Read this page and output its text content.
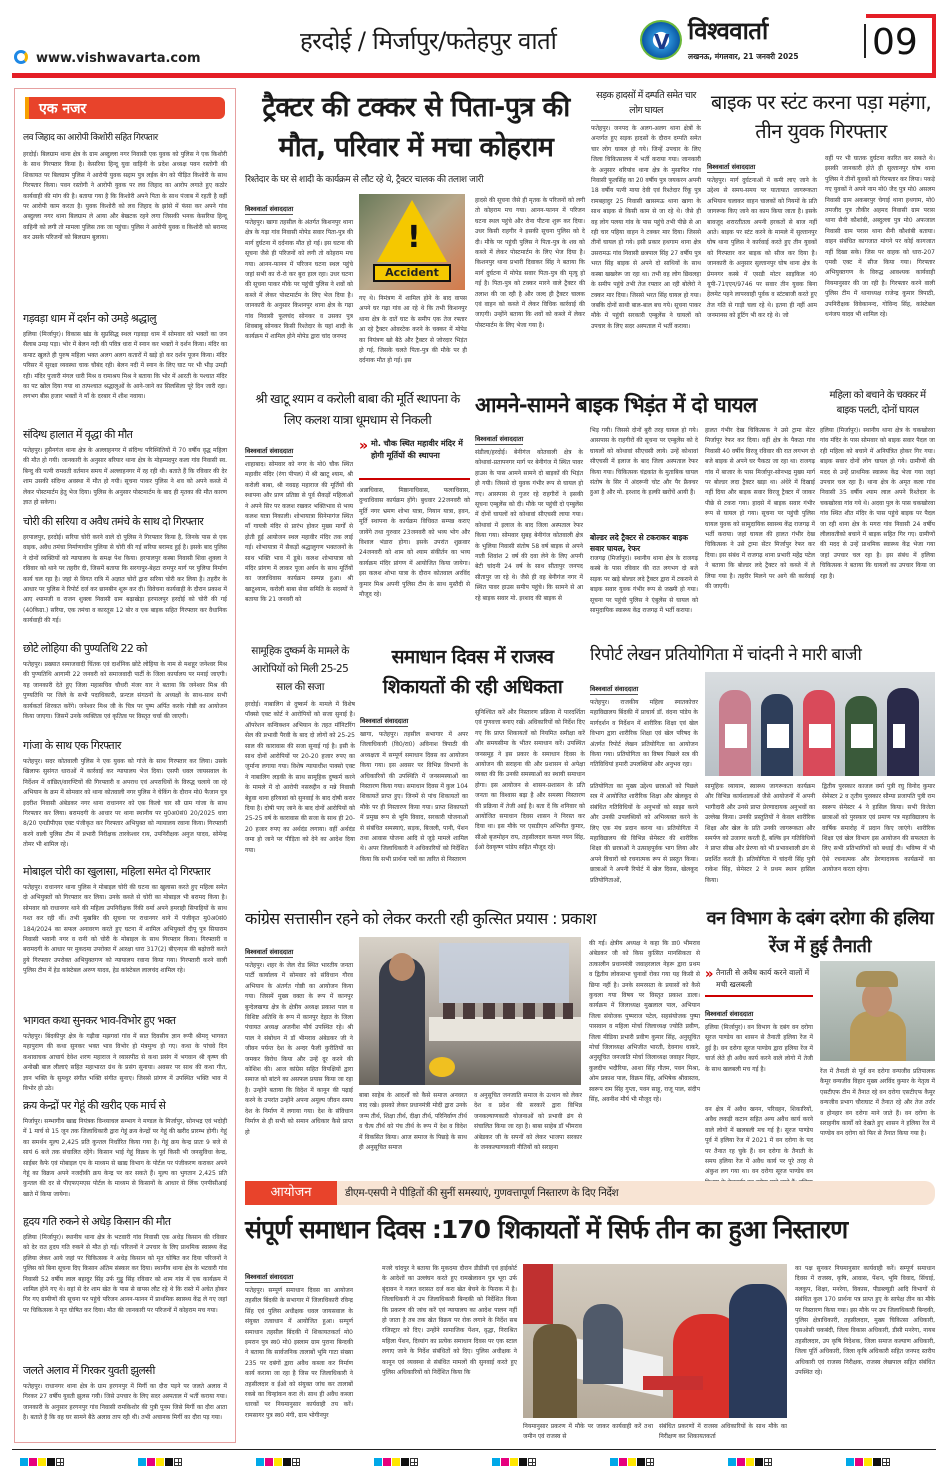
www.vishwavarta.com
हरदोई / मिर्जापुर/फतेहपुर वार्ता	V विश्ववार्ता
लखनऊ, मंगलवार, 21 जनवरी 2025	09
एक नजर
लव जिहाद का आरोपी किशोरी सहित गिरफ्तार
हरदोई। बिलग्राम थाना क्षेत्र के ग्राम अब्दुल्ला नगर निवासी एक युवक को पुलिस ने एक किशोरी के साथ गिरफ्तार किया है। केसरिया हिन्दू युवा वाहिनी के प्रदेश अध्यक्ष पवन रस्तोगी की शिकायत पर बिलग्राम पुलिस ने आरोपी युवक सद्दाम पुत्र लईक बेग को पीड़ित किशोरी के साथ गिरफ्तार किया। पवन रस्तोगी ने आरोपी युवक पर लव जिहाद का आरोप लगाते हुए कठोर कार्यवाही की मांग की है। बताया गया है कि किशोरी अपने पिता के साथ पंजाब में रहती है वहीं पर आरोपी काम करता है। युवक किशोरी को लव जिहाद के झांसे में फंसा कर अपने गांव अब्दुल्ला नगर थाना बिलग्राम ले आया और बेखटक रहने लगा जिसकी भनक केसरिया हिन्दू वाहिनी को लगी तो मामला पुलिस तक जा पहुंचा। पुलिस ने आरोपी युवक व किशोरी को बरामद कर उसके परिजनों को बिलग्राम बुलाया।
गड़वड़ा धाम में दर्शन को उमड़े श्रद्धालु
हलिया (मिर्जापुर)। विकास खंड के सुप्रसिद्ध स्थल गड़वड़ा धाम में सोमवार को भक्तों का जन सैलाब उमड़ पड़ा। भोर में बेलन नदी की पवित्र धारा में स्नान कर भक्तों ने दर्शन किया। मंदिर का कपाट खुलते ही पुरुष महिला भक्त अलग अलग कतारों में खड़े हो कर दर्शन पूजन किया। मंदिर परिसर में सुरक्षा व्यवस्था चाक चौबंद रही। बेलन नदी में स्नान के लिए घाट पर भी भीड़ उमड़ी रही। मंदिर पुजारी मंगल धारी मिश्र व रामाश्रय मिश्र ने बताया कि भोर में आरती के पश्चात मंदिर का पट खोल दिया गया था तत्पश्चात श्रद्धालुओं के आने-जाने का सिलसिला पूरे दिन जारी रहा। लगभग बीस हजार भक्तों ने माँ के दरबार में शीश नवाया।
संदिग्ध हालात में वृद्धा की मौत
फतेहपुर। हुसैनगंज थाना क्षेत्र के अल्लाहनगर में संदिग्ध परिस्थितियों में 70 वर्षीय वृद्ध महिला की मौत हो गयी। जानकारी के अनुसार बरियार थाना क्षेत्र के मोहम्मदपुर कला गांव निवासी स्व. बिन्दु की पत्नी रामवती वर्तमान समय में अल्लाहनगर में रह रही थी। बताते हैं कि रविवार की देर शाम उसकी संदिग्ध अवस्था में मौत हो गयी। सूचना पाकर पुलिस ने शव को अपने कब्जे में लेकर पोस्टमार्टम हेतु भेज दिया। पुलिस के अनुसार पोस्टमार्टम के बाद ही मृतका की मौत कारण ज्ञात हो सकेगा।
चोरी की सरिया व अवैध तमंचे के साथ दो गिरफ्तार
हरपालपुर, हरदोई। सरिया चोरी करने वाले दो पुलिस ने गिरफ्तार किया है, जिनके पास से एक वाइक, अवैध तमंचा निर्माणाधीन पुलिया से चोरी की गई सरिया बरामद हुई है। इसके बाद पुलिस ने दोनों व्यक्तियों को न्यायालय के समक्ष पेश किया। हरपालपुर कस्बा निवासी शिवा शुक्ला ने रविवार को थाने पर तहरीर दी, जिसमें बताया कि सरगापुर-बेहटा रामपुर मार्ग पर पुलिया निर्माण कार्य चल रहा है। जहां से विगत रात्रि में अज्ञात चोरों द्वारा सरिया चोरी कर लिया है। तहरीर के आधार पर पुलिस ने रिपोर्ट दर्ज कर छानबीन शुरू कर दी। विवेचना कार्यवाही के दौरान प्रकाश में आए श्यामजी व राजन शुक्ला निवासी ग्राम बढ़ाखेड़ा हरपालपुर हरदोई को चोरी की गई (40किग्रा.) सरिया, एक तमंचा व कारतूस 12 बोर व एक बाइक सहित गिरफ्तार कर वैधानिक कार्यवाही की गई।
छोटे लोहिया की पुण्यतिथि 22 को
फतेहपुर। प्रख्यात समाजवादी चिंतक एवं दार्शनिक छोटे लोहिया के नाम से मशहूर जनेश्वर मिश्र की पुण्यतिथि आगामी 22 जनवरी को समाजवादी पार्टी के जिला कार्यालय पर मनाई जाएगी। यह जानकारी देते हुए जिला महासचिव चौधरी मंजर यार ने बताया कि जनेश्वर मिश्र की पुण्यतिथि पर जिले के सभी पदाधिकारी, फ्रन्टल संगठनों के अध्यक्षों के साथ-साथ सभी कार्यकर्ता शिरकत करेंगे। जनेश्वर मिश्र जी के चित्र पर पुष्प अर्पित करके गोष्ठी का आयोजन किया जाएगा। जिसमें उनके व्यक्तित्व एवं कृतित्व पर विस्तृत चर्चा की जाएगी।
गांजा के साथ एक गिरफ्तार
फतेहपुर। सदर कोतवाली पुलिस ने एक युवक को गांजे के साथ गिरफ्तार कर लिया। उसके खिलाफ सुसंगत धाराओं में कार्रवाई कर न्यायालय भेज दिया। एसपी धवल जायसवाल के निर्देशन में वांछित/वारण्टियों की गिरफ्तारी व अपराध एवं अपराधियों के विरुद्ध चलाये जा रहे अभियान के क्रम में सोमवार को थाना कोतवाली नगर पुलिस ने चेकिंग के दौरान मो0 फैजान पुत्र इदरीश निवासी अंबेडकर नगर थाना राधानगर को एक किलो चार सौ ग्राम गांजा के साथ गिरफ्तार कर लिया। बरामदगी के आधार पर थाना स्थानीय पर मु0अ0सं0 20/2025 धारा 8/20 एनडीपीएस एक्ट पंजीकृत कर गिरफ्तार अभियुक्त को न्यायालय रवाना किया। गिरफ्तारी करने वाली पुलिस टीम में प्रभारी निरीक्षक तारकेश्वर राय, उपनिरीक्षक अनुज यादव, सोमेन्द्र तोमर भी शामिल रहे।
मोबाइल चोरी का खुलासा, महिला समेत दो गिरफ्तार
फतेहपुर। राधानगर थाना पुलिस ने मोबाइल चोरी की घटना का खुलासा करते हुए महिला समेत दो अभियुक्तों को गिरफ्तार कर लिया। उनके कब्जे से चोरी का मोबाइल भी बरामद किया है। सोमवार को राधानगर थाने की महिला उपनिरीक्षक रिंकी वर्मा अपने हमराही सिपाहियों के साथ गश्त कर रही थीं। तभी मुखबिर की सूचना पर राधानगर थाने में पंजीकृत मु0अ0सं0 184/2024 का सफल अनावरण करते हुए घटना में शामिल अभियुक्तों दीपू पुत्र सियाराम निवासी भवानी नगर व रानी को चोरी के मोबाइल के साथ गिरफ्तार किया। गिरफ्तारी व बरामदगी के आधार पर मुकदमा उपरोक्त में आरक्षा धारा 317(2) बीएनएस की बढ़ोत्तरी करते हुये गिरफ्तार उपरोक्त अभियुक्तगण को न्यायालय रवाना किया गया। गिरफ्तारी करने वाली पुलिस टीम में हेड कांस्टेबल अरुण यादव, हेड कांस्टेबल लालचंद शामिल रहे।
भागवत कथा सुनकर भाव-विभोर हुए भक्त
फतेहपुर। बिंदकीपुर क्षेत्र के गढ़ीवा मझगवां गांव में सात दिवसीय ज्ञान रूपी श्रीमद् भागवत महापुराण की कथा सुनकर भक्त भाव विभोर हो मंत्रमुग्ध हो गए। कथा के पांचवे दिन कथावाचक आचार्य देवेश शरण महाराज ने व्यासपीठ से कथा प्रसंग में भगवान श्री कृष्ण की अनोखी बाल लीलाएं सहित महाभारत ग्रंथ के प्रसंग सुनाया। अवसर पर साथ की कथा गीत, ज्ञान भक्ति के सुमधुर संगीत भक्ति संगीत सुनाए। जिससे प्रांगण में उपस्थित भक्ति भाव में विभोर हो उठे।
क्रय केन्द्रों पर गेहूं की खरीद एक मार्च से
मिर्जापुर। सम्भागीय खाद्य नियंत्रक विन्ध्याचल सम्भाग ने मण्डल के मिर्जापुर, सोनभद्र एवं भदोही में 1 मार्च से 15 जून तक जिलाधिकारी द्वारा गेहूं क्रय केन्द्रों पर गेहूं की खरीद प्रारम्भ होगी। गेहूं का समर्थन मूल्य 2,425 प्रति कुन्तल निर्धारित किया गया है। गेहूं क्रय केन्द्र प्रातः 9 बजे से सायं 6 बजे तक संचालित रहेंगे। किसान भाई गेहूं विक्रय के पूर्व किसी भी जनसुविधा केन्द्र, साईबर कैफे एवं मोबाइल एप के माध्यम से खाद्य विभाग के पोर्टल पर पंजीकरण कराकर अपने गेहूं का विक्रय अपने नजदीकी क्रय केन्द्र पर कर सकते हैं। मूल्य का भुगतान 2,425 प्रति कुन्तल की दर से पीएफएमएस पोर्टल के माध्यम से किसानों के आधार से लिंक एनपीसीआई खाते में किया जायेगा।
हृदय गति रुकने से अधेड़ किसान की मौत
हलिया (मिर्जापुर)। स्थानीय थाना क्षेत्र के भटवारी गांव निवासी एक अधेड़ किसान की रविवार को देर रात हृदय गति रुकने से मौत हो गई। परिजनों ने उपचार के लिए प्राथमिक स्वास्थ्य केंद्र हलिया लेकर आये जहां पर चिकित्सक ने अधेड़ किसान को मृत घोषित कर दिया परिजनों ने पुलिस को बिना सूचना दिए किसान अंतिम संस्कार कर दिया। स्थानीय थाना क्षेत्र के भटवारी गांव निवासी 52 वर्षीय लाल बहादुर सिंह उर्फ गुड्डू सिंह रविवार को शाम गांव में एक कार्यक्रम में शामिल होने गए थे। वहां से देर शाम खेत के पास से वापस लौट रहे थे कि रास्ते में अचेत होकर गिर गए ग्रामीणों की सूचना पर पहुंचे परिजन आनन-फानन में प्राथमिक स्वास्थ्य केंद्र ले गए जहां पर चिकित्सक ने मृत घोषित कर दिया। मौत की जानकारी पर परिजनों में कोहराम मच गया।
जलते अलाव में गिरकर युवती झुलसी
फतेहपुर। राधानगर थाना क्षेत्र के ग्राम हरगनपुर में मिर्गी का दौरा पड़ने पर जलते अलाव में गिरकर 27 वर्षीय युवती झुलस गयी। जिसे उपचार के लिए सदर अस्पताल में भर्ती कराया गया। जानकारी के अनुसार हरगनपुर गांव निवासी रामकिशोर की पुत्री पूनम जिसे मिर्गी का दौरा आता है। बताते हैं कि वह घर सामने बैठे अलाव ताप रही थी। तभी अचानक मिर्गी का दौरा पड़ गया।
ट्रैक्टर की टक्कर से पिता-पुत्र की मौत, परिवार में मचा कोहराम
रिश्तेदार के घर से शादी के कार्यक्रम से लौट रहे थे, ट्रैक्टर चालक की तलाश जारी
विश्ववार्ता संवाददाता
फतेहपुर। खागा तहसील के अंतर्गत किशनपुर थाना क्षेत्र के गढ़ा गांव निवासी मोपेड सवार पिता-पुत्र की मार्ग दुर्घटना में दर्दनाक मौत हो गई। इस घटना की सूचना जैसे ही परिजनों को लगी तो कोहराम मच गया। आनन-फानन में परिजन घटना स्थल पहुंचे जहां सभी का रो-रो कर बुरा हाल रहा। उधर घटना की सूचना पाकर मौके पर पहुंची पुलिस ने शवों को कब्जे में लेकर पोस्टमार्टम के लिए भेज दिया है। जानकारी के अनुसार किशनपुर थाना क्षेत्र के गढ़ा गांव निवासी फूलचंद सोनकर व उसका पुत्र शिवबाबू सोनकर किसी रिश्तेदार के यहां शादी के कार्यक्रम में शामिल होने मोपेड द्वारा चांद जनपद
!
Accident
गए थे। निमंत्रण में शामिल होने के बाद वापस अपने घर गढ़ा गांव आ रहे थे कि तभी किशनपुर थाना क्षेत्र के दातें घाट के समीप एक तेज रफ्तार आ रहे ट्रैक्टर ओवरटेक करने के चक्कर में मोपेड का नियंत्रण खो बैठे और ट्रैक्टर से जोरदार भिड़ंत हो गई, जिसके चलते पिता-पुत्र की मौके पर ही दर्दनाक मौत हो गई। इस
हादसे की सूचना जैसे ही मृतक के परिजनों को लगी तो कोहराम मच गया। आनन-फानन में परिजन घटना स्थल पहुंचे और रोना पीटना शुरू कर दिया। उधर किसी राहगीर ने इसकी सूचना पुलिस को दे दी। मौके पर पहुंची पुलिस ने पिता-पुत्र के शव को कब्जे में लेकर पोस्टमार्टम के लिए भेज दिया है। किशनपुर थाना प्रभारी दिवाकर सिंह ने बताया कि मार्ग दुर्घटना में मोपेड सवार पिता-पुत्र की मृत्यु हो गई है। पिता-पुत्र को टक्कर मारने वाले ट्रैक्टर की तलाश की जा रही है और जल्द ही ट्रैक्टर चालक एवं वाहन को कब्जे में लेकर विधिक कार्रवाई की जाएगी। उन्होंने बताया कि शवों को कब्जे में लेकर पोस्टमार्टम के लिए भेजा गया है।
सड़क हादसों में दम्पति समेत चार लोग घायल
फतेहपुर। जनपद के अलग-अलग थाना क्षेत्रों के अन्तर्गत हुए सड़क हादसों के दौरान दम्पति समेत चार लोग घायल हो गये। जिन्हें उपचार के लिए जिला चिकित्सालय में भर्ती कराया गया। जानकारी के अनुसार थरियांव थाना क्षेत्र के मुसाफिर गांव निवासी फूलसिंह का 20 वर्षीय पुत्र जयकरन अपनी 18 वर्षीय पत्नी माया देवी एवं रिश्तेदार रिंकू पुत्र रामबहादुर 25 निवासी खासमऊ थाना खागा के साथ बाइक से किसी काम से जा रहे थे। जैसे ही वह लोग पलया गांव के पास पहुंचे तभी पीछे से आ रही चार पहिया वाहन ने टक्कर मार दिया। जिससे तीनों घायल हो गये। इसी प्रकार हथगाम थाना क्षेत्र उसरामऊ गांव निवासी छत्रपाल सिंह 27 वर्षीय पुत्र भरत सिंह बाइक से अपने दो साथियों के साथ कस्बा खखरेरू जा रहा था। तभी वह लोग छिवलहा के समीप पहुंचे तभी तेज रफ्तार आ रही बोलेरो ने टक्कर मार दिया। जिससे भरत सिंह घायल हो गया। जबकि दोनों साथी बाल-बाल बच गये। सूचना पाकर मौके में पहुंची सरकारी एम्बुलेंस ने घायलों को उपचार के लिए सदर अस्पताल में भर्ती कराया।
बाइक पर स्टंट करना पड़ा महंगा, तीन युवक गिरफ्तार
विश्ववार्ता संवाददाता
फतेहपुर। मार्ग दुर्घटनाओं में कमी लाए जाने के उद्देश्य से समय-समय पर यातायात जागरूकता अभियान चलाकर वाहन चालकों को नियमों के प्रति जागरूक किए जाने का काम किया जाता है। इसके बावजूद शरारतीतत्व अपनी हरकतों से बाज नहीं आते। बाइक पर स्टंट करने के मामले में सुल्तानपुर घोष थाना पुलिस ने कार्रवाई करते हुए तीन युवकों को गिरफ्तार कर बाइक को सीज कर दिया है। जानकारी के अनुसार सुल्तानपुर घोष थाना क्षेत्र के प्रेमनगर कस्बे में एसडी मोटर साइकिल नं0 यूपी-71एएन/9746 पर सवार तीन युवक बिना हेलमेट पहने लापरवाही पूर्वक व स्टंटबाजी करते हुए तेज गति से गाड़ी चला रहे थे। इतना ही नहीं आम जनमानस को हूटिंग भी कर रहे थे। जो
वहीं पर भी घातक दुर्घटना कारित कर सकते थे। इसकी जानकारी होते ही सुल्तानपुर घोष थाना पुलिस ने तीनों युवकों को गिरफ्तार कर लिया। पकड़े गए युवकों ने अपने नाम मो0 जैद पुत्र मो0 असलम निवासी ग्राम अकबरपुर चेगाई थाना हथगाम, मो0 तमजीद पुत्र तौकीर अहमद निवासी ग्राम परास थाना सैनी कौशांबी, अब्दुल्ला पुत्र मो0 अफजाल निवासी ग्राम परास थाना सैनी कौशांबी बताया। वाहन संबंधित कागजात मांगने पर कोई कागजात नहीं दिखा सके। जिस पर वाहक को धारा-207 एमवी एक्ट में सीज किया गया। गिरफ्तार अभियुक्तगण के विरुद्ध आवश्यक कार्यवाही नियमानुसार की जा रही है। गिरफ्तार करने वाली पुलिस टीम में थानाध्यक्ष राजेन्द्र कुमार त्रिपाठी, उपनिरीक्षक विवेकानन्द, गोविन्द सिंह, कांस्टेबल धनंजय यादव भी शामिल रहे।
श्री खाटू श्याम व करोली बाबा की मूर्ति स्थापना के लिए कलश यात्रा धूमधाम से निकली
विश्ववार्ता संवाददाता
शाहाबाद। सोमवार को नगर के मो0 चौक स्थित महावीर मंदिर (रंगा पीपल) में श्री खाटू श्याम, श्री करोली बाबा, श्री नवग्रह महाराज की मूर्तियों की स्थापना और प्राण प्रतिष्ठा से पूर्व सैकड़ों महिलाओं ने अपने सिर पर कलश रखकर भक्तिभाव से भव्य कलश यात्रा निकाली। शोभायात्रा सिनेमागंज स्थित माँ गायत्री मंदिर से प्रारंभ होकर मुख्य मार्गों से होती हुई आयोजन स्थल महावीर मंदिर तक लाई गई। शोभायात्रा में सैकड़ों श्रद्धालुगण भक्तजनों के साथ भक्ति भाव में डूबे। कलश शोभायात्रा को मंदिर प्रांगण में लाकर पूजा अर्चन के साथ मूर्तियों का जलाधिवास कार्यक्रम सम्पन्न हुआ। श्री खाटूश्याम, करोली बाबा सेवा समिति के सदस्यों ने बताया कि 21 जनवरी को
» मो. चौक स्थित महावीर मंदिर में होगी मूर्तियों की स्थापना
अन्नाधिवास, मिष्ठानाधिवास, फलाधिवास, दुग्धाधिवास कार्यक्रम होंगे। बुधवार 22जनवरी को मूर्ति नगर भ्रमण शोभा यात्रा, नियान यात्रा, हवन, मूर्ति स्थापना के कार्यक्रम विधिवत सम्पन्न कराए जायेंगे तथा गुरुवार 23जनवरी को भव्य भोग और विशाल भंडारा होगा। इसके उपरांत शुक्रवार 24जनवरी को शाम को श्याम संकीर्तन का भव्य कार्यक्रम मंदिर प्रांगण में आयोजित किया जायेगा। इस कलश शोभा यात्रा के दौरान कोतवाल अरविंद कुमार मिश्र अपनी पुलिस टीम के साथ मुस्तैदी से मौजूद रहे।
आमने-सामने बाइक भिड़ंत में दो घायल
विश्ववार्ता संवाददाता
संडीला/हरदोई। बेनीगंज कोतवाली क्षेत्र के कोथावां-प्रतापनगर मार्ग पर बेनीगंज में स्थित पावर हाउस के पास आमने सामने दो बाइकों की भिड़ंत हो गयी। जिससे दो युवक गंभीर रूप से घायल हो गए। आसपास से गुजर रहे राहगीरों ने इसकी सूचना एम्बुलेंस को दी। मौके पर पहुंची दो एम्बुलेंस में दोनों घायलों को कोथावां सीएचसी लाया गया। कोथावां में इलाज के बाद जिला अस्पताल रेफर किया गया। सोमवार सुबह बेनीगंज कोतवाली क्षेत्र के भुलिया निवासी संतोष 58 वर्ष बाइक से अपने नाती शिवांश 2 वर्ष की दवा लेने के लिए अपनी बेटी चांदनी 24 वर्ष के साथ सीतापुर जनपद सीतापुर जा रहे थे। जैसे ही वह बेनीगंज नगर में स्थित पावर हाउस समीप पहुंचे। कि सामने से आ रहे बाइक सवार मो. इरशाद की बाइक से
भिड़ गयी। जिससे दोनों बुरी तरह घायल हो गये। आसपास के राहगीरों की सूचना पर एम्बुलेंस को दे घायलों को कोथावां सीएचसी लाये। उन्हें कोथावां सीएचसी में इलाज के बाद जिला अस्पताल रेफर किया गया। चिकित्सक चंद्रकांत के मुताबिक घायल संतोष के सिर में अंदरूनी चोट और पैर फ्रैक्चर हुआ है और मो. इरशाद के हल्की खरोंचें आयी हैं।
बोल्डर लदे ट्रैक्टर से टकराकर बाइक सवार घायल, रेफर
राजगढ़ (मिर्जापुर)। स्थानीय थाना क्षेत्र के राजगढ़ कस्बे के पास रविवार की रात लगभग दो बजे सड़क पर खड़े बोल्डर लदे ट्रैक्टर द्वारा में टकराने से बाइक सवार युवक गंभीर रूप से जख्मी हो गया। सूचना पर पहुंची पुलिस ने एंबुलेंस से घायल को सामुदायिक स्वास्थ्य केंद्र राजगढ़ में भर्ती कराया।
हालत गंभीर देख चिकित्सक ने उसे ट्रामा सेंटर मिर्जापुर रेफर कर दिया। वहीं क्षेत्र के पैकठा गांव निवासी 40 वर्षीय विरजू रविवार की रात लगभग दो बजे बाइक से अपने घर पैकठा जा रहा था। राजगढ़ गांव में बाजार के पास मिर्जापुर-सोनभद्र मुख्य मार्ग पर बोल्डर लदा ट्रैक्टर खड़ा था। अंधेरे में दिखाई नहीं दिया और बाइक सवार विरजू ट्रैक्टर में जाकर पीछे से टकरा गया। हादसे में बाइक सवार गंभीर रूप से घायल हो गया। सूचना पर पहुंची पुलिस घायल युवक को सामुदायिक स्वास्थ्य केंद्र राजगढ़ में भर्ती कराया। जहां घायल की हालत गंभीर देख चिकित्सक ने उसे ट्रामा सेंटर मिर्जापुर रेफर कर दिया। इस संबंध में राजगढ़ थाना प्रभारी महेंद्र पटेल ने बताया कि बोल्डर लदे ट्रैक्टर को कब्जे में ले लिया गया है। तहरीर मिलने पर आगे की कार्रवाई की जाएगी।
महिला को बचाने के चक्कर में बाइक पलटी, दोनों घायल
हलिया (मिर्जापुर)। स्थानीय थाना क्षेत्र के चकखोरवा गांव मंदिर के पास सोमवार को बाइक सवार पैदल जा रही महिला को बचाने में अनियंत्रित होकर गिर गया। बाइक सवार दोनों लोग घायल हो गये। ग्रामीणों की मदद से उन्हें प्राथमिक स्वास्थ्य केंद्र भेजा गया जहां उपचार चल रहा है। थाना क्षेत्र के अमृत कला गांव निवासी 35 वर्षीय श्याम लाल अपने रिश्तेदार के चकखोरवा गांव गये थे। अदवा पुल के पास चकखोरवा गांव स्थित शीत मंदिर के पास पहुंचे बाइक पर पैदल जा रही थाना क्षेत्र के मगरा गांव निवासी 24 वर्षीय लीलावतीको बचाने में बाइक सहित गिर गए। ग्रामीणों की मदद से उन्हें प्राथमिक स्वास्थ्य केंद्र भेजा गया जहां उपचार चल रहा है। इस संबंध में हलिया चिकित्सक ने बताया कि घायलों का उपचार किया जा रहा है।
सामूहिक दुष्कर्म के मामले के आरोपियों को मिली 25-25 साल की सजा
हरदोई। नाबालिग से दुष्कर्म के मामले में विशेष पॉक्सो एक्ट कोर्ट ने आरोपियों को सजा सुनाई है। ऑपरेशन कन्विक्शन अभियान के तहत मॉनिटरिंग सेल की प्रभावी पैरवी के बाद दो लोगों को 25-25 साल की कारावास की सजा सुनाई गई है। इसी के साथ दोनों आरोपियों पर 20-20 हजार रुपए का जुर्माना लगाया गया। विशेष न्यायाधीश पाक्सो एक्ट ने नाबालिग लड़की के साथ सामूहिक दुष्कर्म करने के मामले में दो आरोपी नसरुद्दीन व मन्ने निवासी बेहुवा थाना हरियावां को सुनवाई के बाद दोषी करार दिया है। दोषी पाए जाने के बाद दोनों आरोपियों को 25-25 वर्ष के कारावास की सजा के साथ ही 20-20 हजार रुपए का अर्थदंड लगाया। वहीं अर्थदंड जमा हो जाने पर पीड़िता को देने का आदेश दिया गया।
समाधान दिवस में राजस्व शिकायतों की रही अधिकता
विश्ववार्ता संवाददाता
खागा, फतेहपुर। तहसील सभागार में अपर जिलाधिकारी (वि0/रा0) अविनाश त्रिपाठी की अध्यक्षता में सम्पूर्ण समाधान दिवस का आयोजन किया गया। इस अवसर पर विभिन्न विभागों के अधिकारियों की उपस्थिति में जनसमस्याओं का निस्तारण किया गया। समाधान दिवस में कुल 104 शिकायतें प्राप्त हुए। जिनमें से पांच शिकायतों का मौके पर ही निस्तारण किया गया। प्राप्त शिकायतों में प्रमुख रूप से भूमि विवाद, सरकारी योजनाओं से संबंधित समस्याएं, सड़क, बिजली, पानी, पेंशन तथा आवास योजना आदि से जुड़े मामले शामिल थे। अपर जिलाधिकारी ने अधिकारियों को निर्देशित किया कि सभी प्रार्थना पत्रों का त्वरित से निस्तारण
सुनिश्चित करें और निस्तारण प्रक्रिया में पारदर्शिता एवं गुणवत्ता बनाए रखें। अधिकारियों को निर्देश दिए गए कि प्राप्त शिकायतों को नियमित समीक्षा करें और समयसीमा के भीतर समाधान करें। उपस्थित जनसमूह ने इस प्रकार के समाधान दिवस के आयोजन की सराहना की और प्रशासन से अपेक्षा व्यक्त की कि उनकी समस्याओं का स्थायी समाधान होगा। इस आयोजन से शासन-प्रशासन के प्रति जनता का विश्वास बढ़ा है और समस्या निस्तारण की प्रक्रिया में तेजी आई है। बता दें कि शनिवार को आयोजित समाधान दिवस शासन ने निरस्त कर दिया था। इस मौके पर एसडीएम अभिनीत कुमार, सीओ बृजमोहन राय, तहसीलदार कमल नयन सिंह, ईओ देवकृष्ण पांडेय सहित मौजूद रहे।
रिपोर्ट लेखन प्रतियोगिता में चांदनी ने मारी बाजी
विश्ववार्ता संवाददाता
फतेहपुर। राजकीय महिला स्नातकोत्तर महाविद्यालय बिंदकी में प्राचार्य डॉ. वंदना पांडेय के मार्गदर्शन व निर्देशन में शारीरिक शिक्षा एवं खेल विभाग द्वारा शारीरिक शिक्षा एवं खेल परिषद के अंतर्गत रिपोर्ट लेखन प्रतियोगिता का आयोजन किया गया। प्रतियोगिता का विषय पिछले सत्र की गतिविधियां हमारी उपलब्धियां और अनुभव रहा।
प्रतियोगिता का मुख्य उद्देश्य छात्राओं को पिछले सत्र में आयोजित शारीरिक शिक्षा और खेलकूद से संबंधित गतिविधियों के अनुभवों को साझा करने और उनकी उपलब्धियों को अभिव्यक्त करने के लिए एक मंच प्रदान करना था। प्रतियोगिता में महाविद्यालय की विभिन्न सेमेस्टर की शारीरिक शिक्षा की छात्राओं ने उत्साहपूर्वक भाग लिया और अपने विचारों को रचनात्मक रूप से प्रस्तुत किया। छात्राओं ने अपनी रिपोर्ट में खेल दिवस, खेलकूद प्रतियोगिताओं,
सामूहिक व्यायाम, स्वास्थ्य जागरूकता कार्यक्रम और विभिन्न कार्यशालाओं जैसे आयोजनों में अपनी भागीदारी और उनसे प्राप्त प्रेरणादायक अनुभवों का उल्लेख किया। उनकी प्रस्तुतियों ने केवल शारीरिक शिक्षा और खेल के प्रति उनकी जागरूकता और समर्पण को उजागर करती हैं, बल्कि इन गतिविधियों ने प्राप्त सीख और प्रेरणा को भी प्रभावशाली ढंग से प्रदर्शित करती हैं। प्रतियोगिता में चांदनी सिंह पुत्री राकेश सिंह, सेमेस्टर 2 ने प्रथम स्थान हासिल किया।
द्वितीय पुरस्कार काजल वर्मा पुत्री रघु विनोद कुमार सेमेस्टर 2 व तृतीय पुरस्कार सौम्या प्रजापति पुत्री राम स्वरूप सेमेस्टर 4 ने हासिल किया। सभी विजेता छात्राओं को पुरस्कार एवं प्रमाण पत्र महाविद्यालय के वार्षिक समारोह में प्रदान किए जाएंगे। शारीरिक शिक्षा एवं खेल विभाग इस आयोजन की सफलता के लिए सभी प्रतिभागियों को बधाई दी। भविष्य में भी ऐसे रचनात्मक और प्रेरणादायक कार्यक्रमों का आयोजन करता रहेगा।
कांग्रेस सत्तासीन रहने को लेकर करती रही कुत्सित प्रयास : प्रकाश
विश्ववार्ता संवाददाता
फतेहपुर। शहर के जेल रोड स्थित भारतीय जनता पार्टी कार्यालय में सोमवार को संविधान गौरव अभियान के अंतर्गत गोष्ठी का आयोजन किया गया। जिसमें मुख्य वक्ता के रूप में कानपुर बुन्देलखण्ड क्षेत्र के क्षेत्रीय अध्यक्ष प्रकाश पाल व विशिष्ट अतिथि के रूप में कानपुर देहात के जिला पंचायत अध्यक्ष अजनीश मौर्य उपस्थित रहे। श्री पाल ने संबोधन में डॉ भीमराव अंबेडकर जी ने जीवन पर्यन्त देश के अन्दर फैली कुरीतियों का जमकर विरोध किया और उन्हें दूर करने की कोशिश की। आज कांग्रेस सहित विपक्षियों द्वारा समाज को बांटने का असफल प्रयास किया जा रहा है। उन्होंने बताया कि विदेश में कानून की पढ़ाई करने के उपरांत उन्होंने अपना अमूल्य जीवन समय देश के निर्माण में लगाया गया। देश के संविधान निर्माण से ही सभी को समान अधिकार कैसे प्राप्त हो
बाबा साहेब के आदर्शों को कैसे समाज अनवरत याद रखे। इसको लेकर प्रधानमंत्री मोदी द्वारा उनके जन्म तीर्थ, शिक्षा तीर्थ, दीक्षा तीर्थ, परिनिर्वाण तीर्थ व चैत्य तीर्थ को पंच तीर्थ के रूप में देश व विदेश में विकसित किया। आज समाज के पिछड़े के साथ ही अनुसूचित समाज
व अनुसूचित जनजाति समाज के उत्थान को लेकर देश व प्रदेश की सरकारें द्वारा विभिन्न जनकल्याणकारी योजनाओं को प्रभावी ढंग से संचालित किया जा रहा है। बाबा साहेब डॉ भीमराव अंबेडकर जी के सपनों को लेकर भाजपा सरकार के जनकल्याणकारी नीतियों को सराहना
की गई। क्षेत्रीय अध्यक्ष ने कहा कि डा0 भीमराव अंबेडकर जी को किस कुत्सित मानसिकता से तत्कालीन प्रधानमंत्री जवाहरलाल नेहरू द्वारा प्रथम व द्वितीय लोकसभा चुनावों रोका गया यह किसी से छिपा नहीं है। उनके समरसता के प्रयासों को कैसे कुचला गया विषय पर विस्तृत प्रकाश डाला। कार्यक्रम में जिलाध्यक्ष मुखलाल पाल, अभियान जिला संयोजक पुष्पराज पटेल, सहसंयोजक पुष्पा पासवान व महिला मोर्चा जिलाध्यक्ष ज्योति प्रवीण, जिला मीडिया प्रभारी प्रवीण कुमार सिंह, अनुसूचित मोर्चा जिलाध्यक्ष अभिजीत भारती, देवनाथ धाकरे, अनुसूचित जनजाति मोर्चा जिलाध्यक्ष जवाहर निहार, कुलदीप भदौरिया, आशा सिंह गौतम, पवन मिश्रा, ओम प्रकाश पाल, विक्रम सिंह, अभिषेक श्रीवास्तव, स्वरूप राम सिंह गुप्ता, पवन साहू, राजू पाल, संदीप सिंह, अवनीश मौर्य भी मौजूद रहे।
वन विभाग के दबंग दरोगा की हलिया रेंज में हुई तैनाती
» तैनाती से अवैध कार्य करने वालों में मची खलबली
विश्ववार्ता संवाददाता
हलिया (मिर्जापुर)। वन विभाग के दबंग वन दरोगा सूरज पाण्डेय का शासन से तैनाती हलिया रेंज में हुई है। वन दरोगा सूरज पाण्डेय द्वारा हलिया रेंज में चार्ज लेते ही अवैध कार्य करने वाले लोगो में तेजी के साथ खलबली मच गई है।
वन क्षेत्र में अवैध खनन, परिवहन, शिकारियों, अवैध लकड़ी कटान सहित अन्य अवैध कार्य करने वाले लोगों में खलबली मच गई है। सूरज पाण्डेय पूर्व में हलिया रेंज में 2021 में वन दरोगा के पद पर तैनात रह चुके हैं। वन दरोगा के तैनाती के समय हलिया रेंज में अवैध कार्य पर पूरे तरह से अंकुश लग गया था। वन दरोगा सूरज पाण्डेय वन
रेंज में तैनाती से पूर्व वन दरोगा वन्यजीव प्रतिपालक कैमूर वन्यजीव विहार मुख्य अरविंद कुमार के नेतृत्व में एसटीएफ टीम में तैनात रहे वन दरोगा एसटीएफ कैमूर वन्यजीव प्रभाग चौराघाट में तैनात रहे और तेज तर्रार व होनहार वन दरोगा माने जाते हैं। वन दरोगा के सराहनीय कार्यों को देखते हुए शासन ने हलिया रेंज में पाण्डेय वन दरोगा को फिर से तैनात किया गया है।
आयोजन	डीएम-एसपी ने पीड़ितों की सुनीं समस्याएं, गुणवत्तापूर्ण निस्तारण के दिए निर्देश
संपूर्ण समाधान दिवस :170 शिकायतों में सिर्फ तीन का हुआ निस्तारण
विश्ववार्ता संवाददाता
फतेहपुर। सम्पूर्ण समाधान दिवस का आयोजन तहसील बिंदकी के सभागार में जिलाधिकारी रविन्द्र सिंह एवं पुलिस अधीक्षक धवल जायसवाल के संयुक्त तत्वाधान में आयोजित हुआ। सम्पूर्ण समाधान तहसील बिंदकी में शिकायतकर्ता मो0 इमरान पुत्र स्व0 मो0 इस्लाम ग्राम पुराना बिन्दकी ने बताया कि सार्वजनिक तालाबों भूमि गाटा संख्या 235 पर दबंगों द्वारा अवैध कब्जा कर निर्माण कार्य कराया जा रहा है जिस पर जिलाधिकारी ने तहसीलदार व ईओ को संयुक्त जांच कर तालाबों रकबे का चिन्हांकन करा लें। साथ ही अवैध कब्जा धारकों पर नियमानुसार कार्यवाही तय करें। रामसागर पुत्र स्व0 मंगी, ग्राम भोगीनपुर
मजरे चांदपुर ने बताया कि मुकदमा दौरान डीडीसी एवं हाईकोर्ट के आदेशों का उल्लंघन करते हुए रामखेलावन पुत्र भूरा उर्फ बृंदावन ने गलत वरासत दर्ज करा खेत बेचने के फिराक में है। जिलाधिकारी ने उप जिलाधिकारी बिन्दकी को निर्देशित किया कि प्रकरण की जांच करें एवं न्यायालय का आदेश पालन नहीं हो जाता है तब तक खेत विक्रय पर रोक लगाने के निर्देश सब रजिस्ट्रार को दिए। उन्होंने सामाजिक पेंशन, वृद्धा, निराश्रित महिला पेंशन, दिव्यांग का प्रत्येक समाधान दिवस पर एक स्टाल लगाए जाने के निर्देश संबंधितों को दिए। पुलिस अधीक्षक ने कानून एवं व्यवस्था से संबंधित मामलों की सुनवाई करते हुए पुलिस अधिकारियों को निर्देशित किया कि
नियमानुसार प्रकरण में मौके पर जाकर कार्यवाही करें तथा जमीन एवं राजस्व से
संबंधित प्रकरणों में राजस्व अधिकारियों के साथ मौके का निरीक्षण कर शिकायतकर्ता
का पक्ष सुनकर नियमानुसार कार्यवाही करें। सम्पूर्ण समाधान दिवस में राजस्व, कृषि, आवास, पेंशन, भूमि विवाद, सिंचाई, नलकूप, शिक्षा, मनरेगा, विकास, पीडब्ल्यूडी आदि विभागों से संबंधित कुल 170 प्रार्थना पत्र प्राप्त हुए के सापेक्ष तीन का मौके पर निस्तारण किया गया। इस मौके पर उप जिलाधिकारी बिन्दकी, पुलिस क्षेत्राधिकारी, तहसीलदार, मुख्य चिकित्सा अधिकारी, एसओसी चकबंदी, जिला विकास अधिकारी, डीसी मनरेगा, नायब तहसीलदार, उप कृषि निदेशक, जिला समाज कल्याण अधिकारी, जिला पूर्ति अधिकारी, जिला कृषि अधिकारी सहित जनपद स्तरीय अधिकारी एवं राजस्व निरीक्षक, राजस्व लेखपाल सहित संबंधित उपस्थित रहे।
